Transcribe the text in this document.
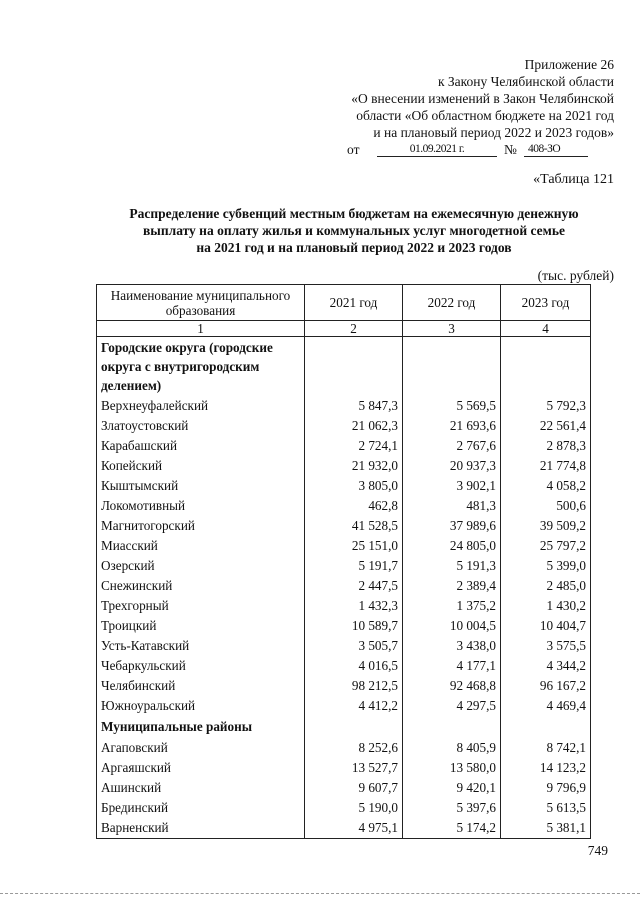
Приложение 26
к Закону Челябинской области
«О внесении изменений в Закон Челябинской
области «Об областном бюджете на 2021 год
и на плановый период 2022 и 2023 годов»
от	01.09.2021 г.	№ 408-ЗО
«Таблица 121
Распределение субвенций местным бюджетам на ежемесячную денежную
выплату на оплату жилья и коммунальных услуг многодетной семье
на 2021 год и на плановый период 2022 и 2023 годов
(тыс. рублей)
Наименование муниципального образования	2021 год	2022 год	2023 год
1	2	3	4
Городские округа (городские округа с внутригородским делением)			
Верхнеуфалейский	5 847,3	5 569,5	5 792,3
Златоустовский	21 062,3	21 693,6	22 561,4
Карабашский	2 724,1	2 767,6	2 878,3
Копейский	21 932,0	20 937,3	21 774,8
Кыштымский	3 805,0	3 902,1	4 058,2
Локомотивный	462,8	481,3	500,6
Магнитогорский	41 528,5	37 989,6	39 509,2
Миасский	25 151,0	24 805,0	25 797,2
Озерский	5 191,7	5 191,3	5 399,0
Снежинский	2 447,5	2 389,4	2 485,0
Трехгорный	1 432,3	1 375,2	1 430,2
Троицкий	10 589,7	10 004,5	10 404,7
Усть-Катавский	3 505,7	3 438,0	3 575,5
Чебаркульский	4 016,5	4 177,1	4 344,2
Челябинский	98 212,5	92 468,8	96 167,2
Южноуральский	4 412,2	4 297,5	4 469,4
Муниципальные районы			
Агаповский	8 252,6	8 405,9	8 742,1
Аргаяшский	13 527,7	13 580,0	14 123,2
Ашинский	9 607,7	9 420,1	9 796,9
Брединский	5 190,0	5 397,6	5 613,5
Варненский	4 975,1	5 174,2	5 381,1
749
